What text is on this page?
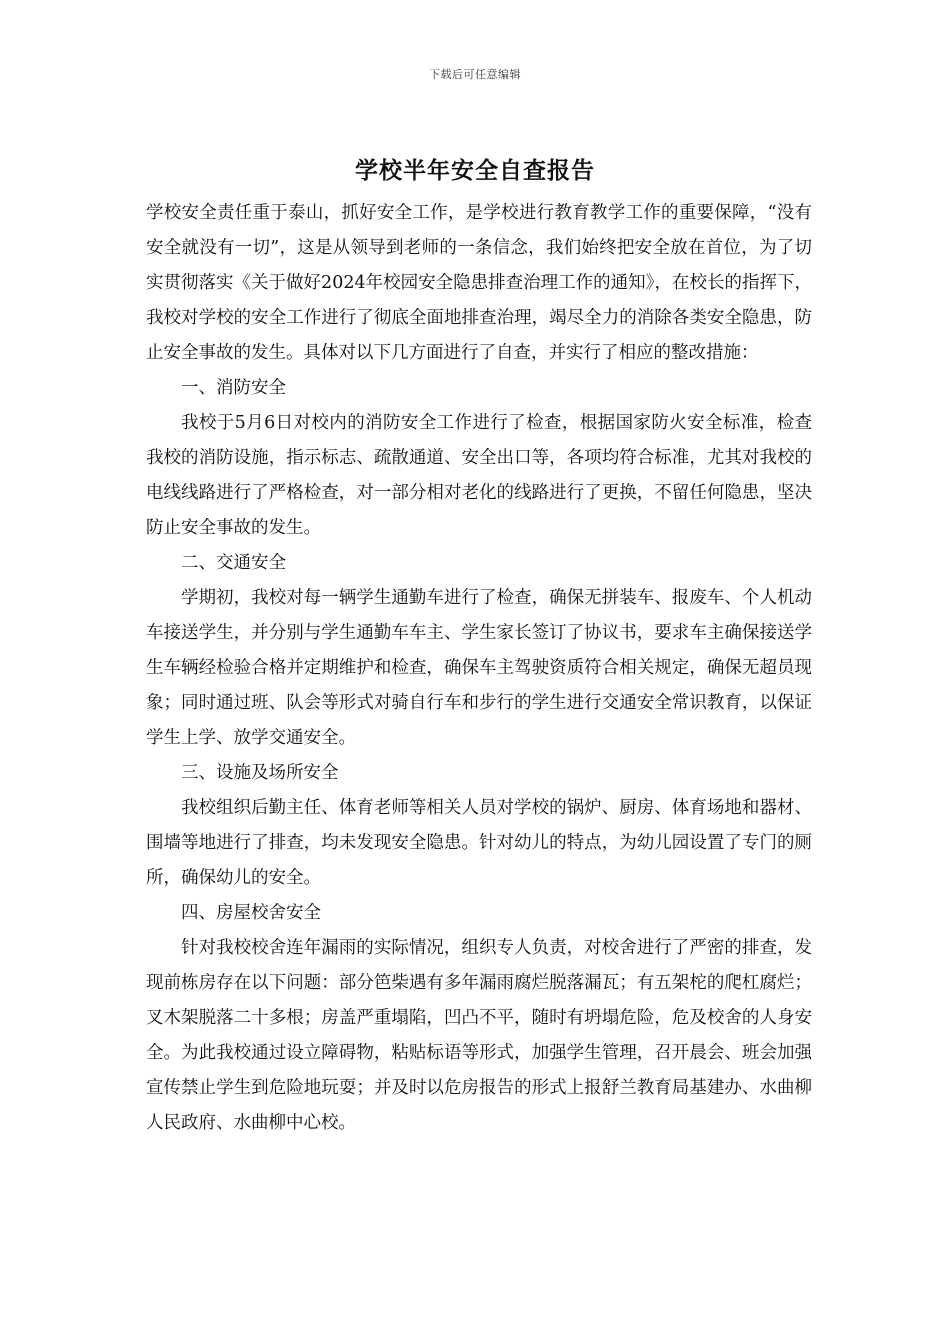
下载后可任意编辑
学校半年安全自查报告

学校安全责任重于泰山，抓好安全工作，是学校进行教育教学工作的重要保障，“没有安全就没有一切”，这是从领导到老师的一条信念，我们始终把安全放在首位，为了切实贯彻落实《关于做好2024年校园安全隐患排查治理工作的通知》，在校长的指挥下，我校对学校的安全工作进行了彻底全面地排查治理，竭尽全力的消除各类安全隐患，防止安全事故的发生。具体对以下几方面进行了自查，并实行了相应的整改措施：

一、消防安全

我校于5月6日对校内的消防安全工作进行了检查，根据国家防火安全标准，检查我校的消防设施，指示标志、疏散通道、安全出口等，各项均符合标准，尤其对我校的电线线路进行了严格检查，对一部分相对老化的线路进行了更换，不留任何隐患，坚决防止安全事故的发生。

二、交通安全

学期初，我校对每一辆学生通勤车进行了检查，确保无拼装车、报废车、个人机动车接送学生，并分别与学生通勤车车主、学生家长签订了协议书，要求车主确保接送学生车辆经检验合格并定期维护和检查，确保车主驾驶资质符合相关规定，确保无超员现象；同时通过班、队会等形式对骑自行车和步行的学生进行交通安全常识教育，以保证学生上学、放学交通安全。

三、设施及场所安全

我校组织后勤主任、体育老师等相关人员对学校的锅炉、厨房、体育场地和器材、围墙等地进行了排查，均未发现安全隐患。针对幼儿的特点，为幼儿园设置了专门的厕所，确保幼儿的安全。

四、房屋校舍安全

针对我校校舍连年漏雨的实际情况，组织专人负责，对校舍进行了严密的排查，发现前栋房存在以下问题：部分笆柴遇有多年漏雨腐烂脱落漏瓦；有五架柁的爬杠腐烂；叉木架脱落二十多根；房盖严重塌陷，凹凸不平，随时有坍塌危险，危及校舍的人身安全。为此我校通过设立障碍物，粘贴标语等形式，加强学生管理，召开晨会、班会加强宣传禁止学生到危险地玩耍；并及时以危房报告的形式上报舒兰教育局基建办、水曲柳人民政府、水曲柳中心校。
